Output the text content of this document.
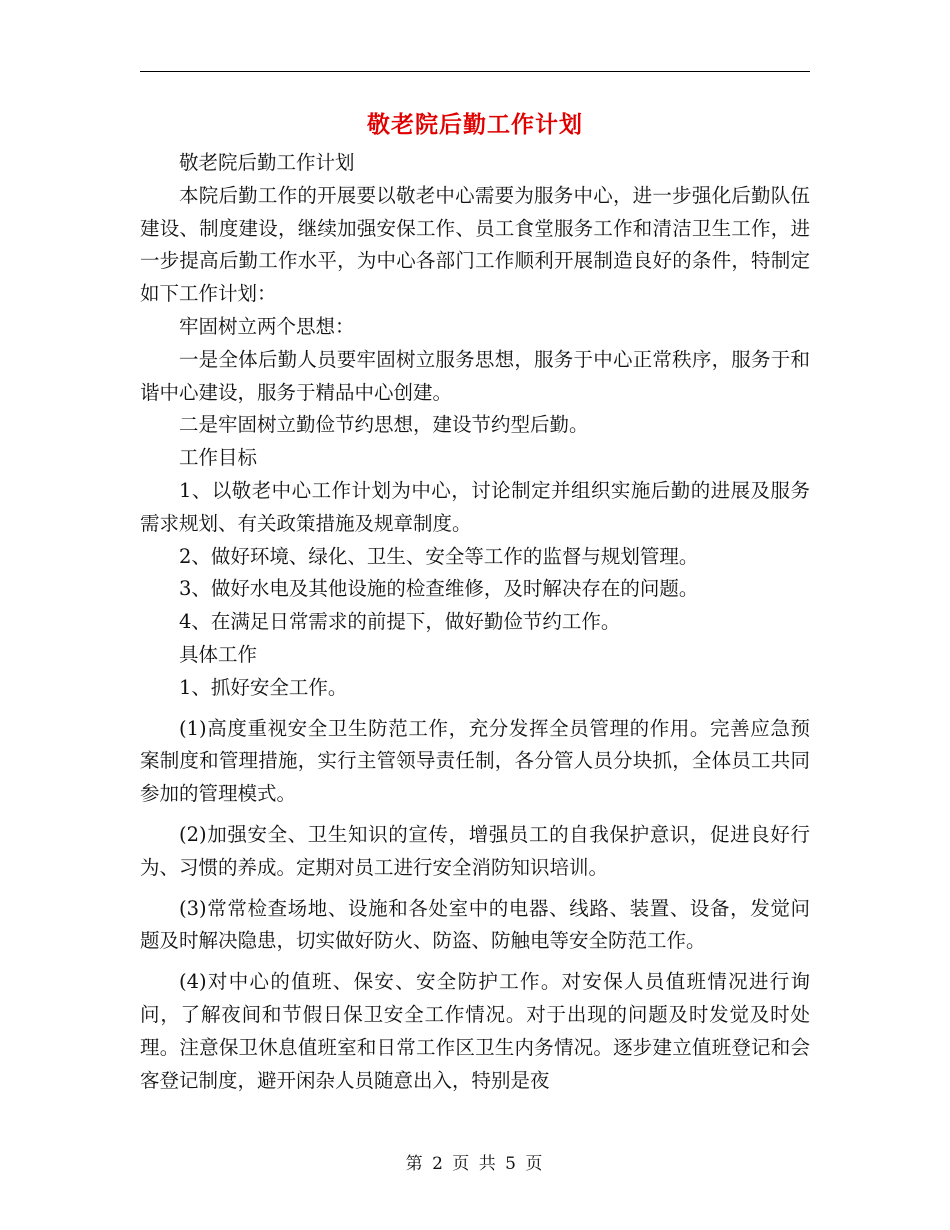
敬老院后勤工作计划

敬老院后勤工作计划

本院后勤工作的开展要以敬老中心需要为服务中心，进一步强化后勤队伍建设、制度建设，继续加强安保工作、员工食堂服务工作和清洁卫生工作，进一步提高后勤工作水平，为中心各部门工作顺利开展制造良好的条件，特制定如下工作计划：

牢固树立两个思想：

一是全体后勤人员要牢固树立服务思想，服务于中心正常秩序，服务于和谐中心建设，服务于精品中心创建。

二是牢固树立勤俭节约思想，建设节约型后勤。

工作目标

1、以敬老中心工作计划为中心，讨论制定并组织实施后勤的进展及服务需求规划、有关政策措施及规章制度。

2、做好环境、绿化、卫生、安全等工作的监督与规划管理。

3、做好水电及其他设施的检查维修，及时解决存在的问题。

4、在满足日常需求的前提下，做好勤俭节约工作。

具体工作

1、抓好安全工作。

(1)高度重视安全卫生防范工作，充分发挥全员管理的作用。完善应急预案制度和管理措施，实行主管领导责任制，各分管人员分块抓，全体员工共同参加的管理模式。

(2)加强安全、卫生知识的宣传，增强员工的自我保护意识，促进良好行为、习惯的养成。定期对员工进行安全消防知识培训。

(3)常常检查场地、设施和各处室中的电器、线路、装置、设备，发觉问题及时解决隐患，切实做好防火、防盗、防触电等安全防范工作。

(4)对中心的值班、保安、安全防护工作。对安保人员值班情况进行询问，了解夜间和节假日保卫安全工作情况。对于出现的问题及时发觉及时处理。注意保卫休息值班室和日常工作区卫生内务情况。逐步建立值班登记和会客登记制度，避开闲杂人员随意出入，特别是夜

第 2 页 共 5 页
